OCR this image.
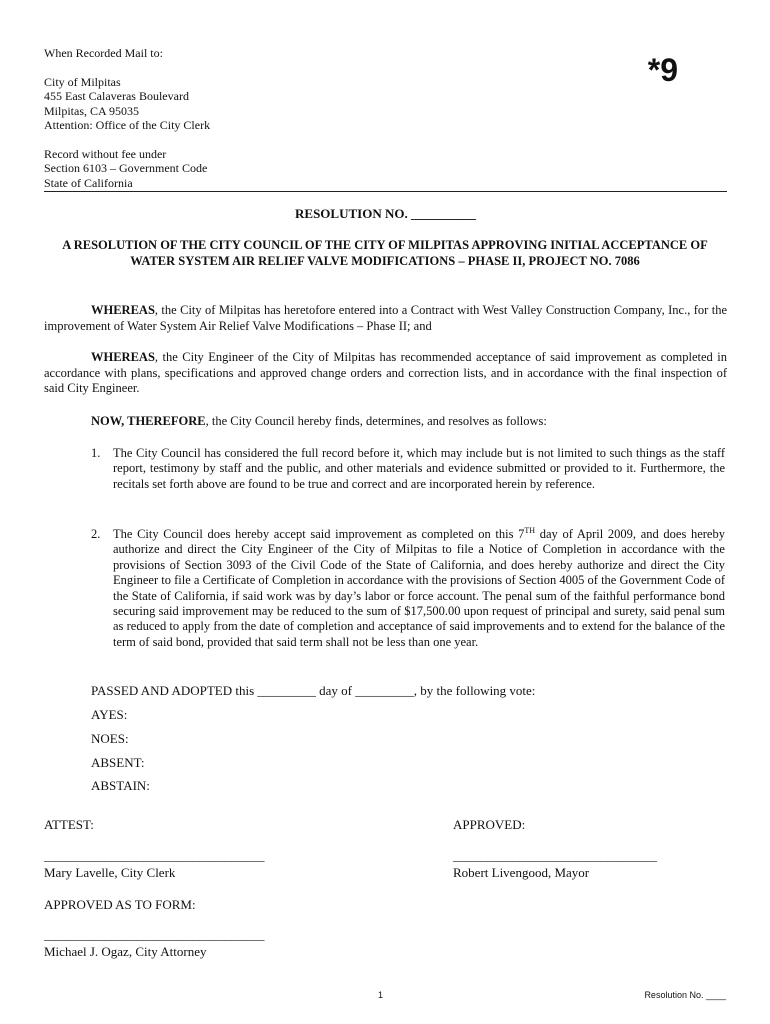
When Recorded Mail to:
City of Milpitas
455 East Calaveras Boulevard
Milpitas, CA 95035
Attention: Office of the City Clerk
Record without fee under
Section 6103 – Government Code
State of California
*9
RESOLUTION NO. __________
A RESOLUTION OF THE CITY COUNCIL OF THE CITY OF MILPITAS APPROVING INITIAL ACCEPTANCE OF WATER SYSTEM AIR RELIEF VALVE MODIFICATIONS – PHASE II, PROJECT NO. 7086
WHEREAS, the City of Milpitas has heretofore entered into a Contract with West Valley Construction Company, Inc., for the improvement of Water System Air Relief Valve Modifications – Phase II; and
WHEREAS, the City Engineer of the City of Milpitas has recommended acceptance of said improvement as completed in accordance with plans, specifications and approved change orders and correction lists, and in accordance with the final inspection of said City Engineer.
NOW, THEREFORE, the City Council hereby finds, determines, and resolves as follows:
1.	The City Council has considered the full record before it, which may include but is not limited to such things as the staff report, testimony by staff and the public, and other materials and evidence submitted or provided to it. Furthermore, the recitals set forth above are found to be true and correct and are incorporated herein by reference.
2.	The City Council does hereby accept said improvement as completed on this 7TH day of April 2009, and does hereby authorize and direct the City Engineer of the City of Milpitas to file a Notice of Completion in accordance with the provisions of Section 3093 of the Civil Code of the State of California, and does hereby authorize and direct the City Engineer to file a Certificate of Completion in accordance with the provisions of Section 4005 of the Government Code of the State of California, if said work was by day’s labor or force account. The penal sum of the faithful performance bond securing said improvement may be reduced to the sum of $17,500.00 upon request of principal and surety, said penal sum as reduced to apply from the date of completion and acceptance of said improvements and to extend for the balance of the term of said bond, provided that said term shall not be less than one year.
PASSED AND ADOPTED this _________ day of _________, by the following vote:
AYES:
NOES:
ABSENT:
ABSTAIN:
ATTEST:	APPROVED:
________________________________________
Mary Lavelle, City Clerk
_____________________________________
Robert Livengood, Mayor
APPROVED AS TO FORM:
________________________________________
Michael J. Ogaz, City Attorney
1	Resolution No. ____
